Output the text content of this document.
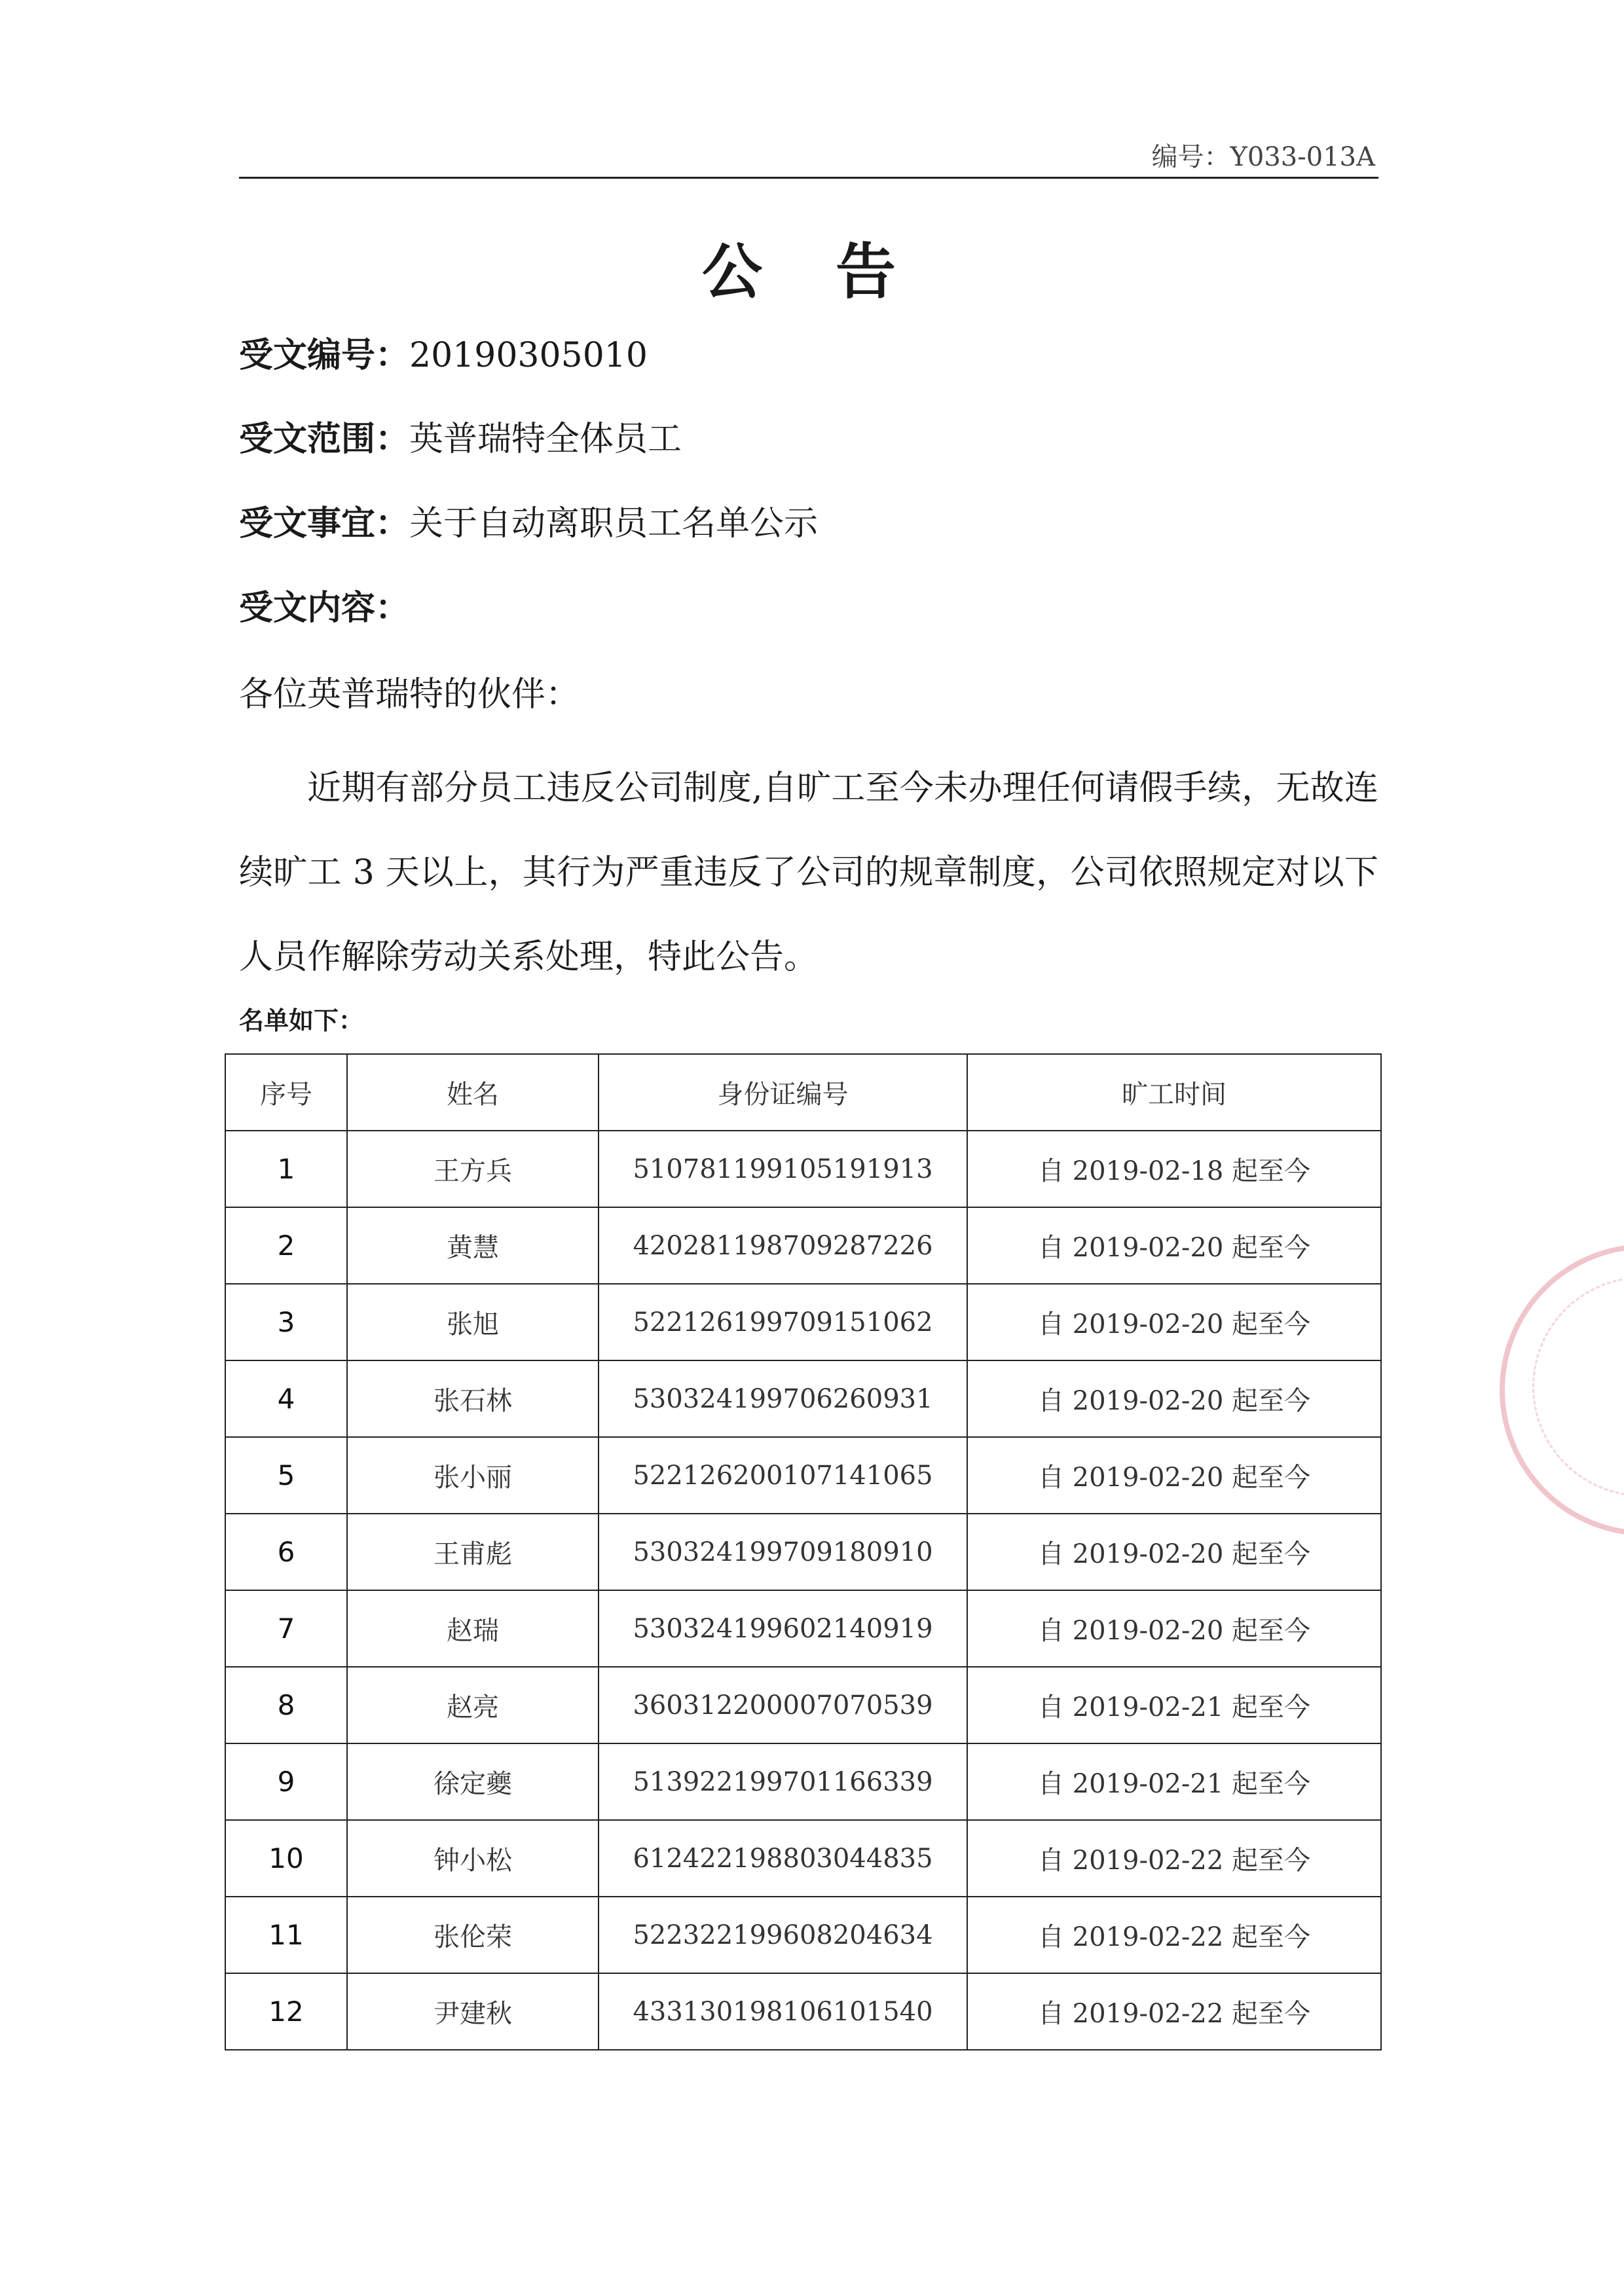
编号：Y033-013A
公 告
受文编号：20190305010
受文范围：英普瑞特全体员工
受文事宜：关于自动离职员工名单公示
受文内容：
各位英普瑞特的伙伴：
近期有部分员工违反公司制度,自旷工至今未办理任何请假手续，无故连续旷工 3 天以上，其行为严重违反了公司的规章制度，公司依照规定对以下人员作解除劳动关系处理，特此公告。
名单如下：
序号	姓名	身份证编号	旷工时间
1	王方兵	510781199105191913	自 2019-02-18 起至今
2	黄慧	420281198709287226	自 2019-02-20 起至今
3	张旭	522126199709151062	自 2019-02-20 起至今
4	张石林	530324199706260931	自 2019-02-20 起至今
5	张小丽	522126200107141065	自 2019-02-20 起至今
6	王甫彪	530324199709180910	自 2019-02-20 起至今
7	赵瑞	530324199602140919	自 2019-02-20 起至今
8	赵亮	360312200007070539	自 2019-02-21 起至今
9	徐定夔	513922199701166339	自 2019-02-21 起至今
10	钟小松	612422198803044835	自 2019-02-22 起至今
11	张伦荣	522322199608204634	自 2019-02-22 起至今
12	尹建秋	433130198106101540	自 2019-02-22 起至今
